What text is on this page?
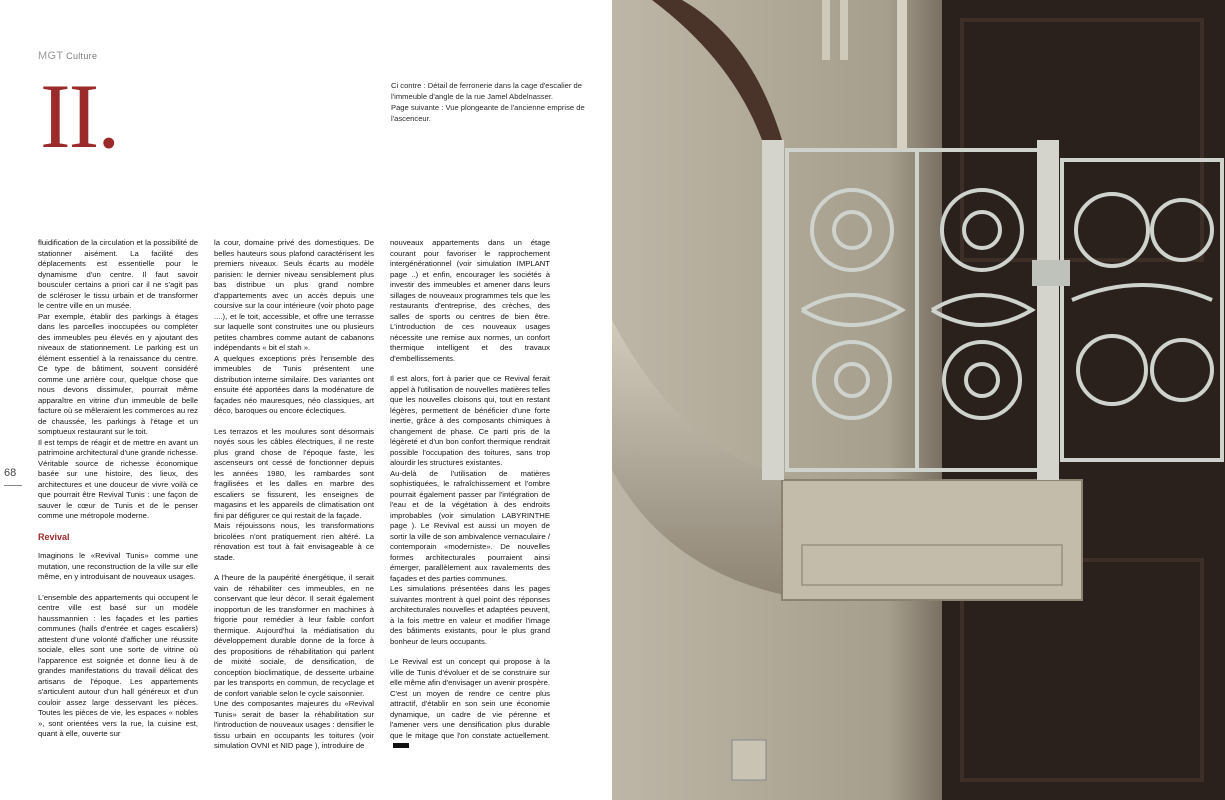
MGT Culture
II.	Ci contre : Détail de ferronerie dans la cage d'escalier de l'immeuble d'angle de la rue Jamel Abdelnasser.

Page suivante : Vue plongeante de l'ancienne emprise de l'ascenceur.

68

fluidification de la circulation et la possibilité de stationner aisément. La facilité des déplacements est essentielle pour le dynamisme d'un centre. Il faut savoir bousculer certains a priori car il ne s'agit pas de scléroser le tissu urbain et de transformer le centre ville en un musée.

Par exemple, établir des parkings à étages dans les parcelles inoccupées ou compléter des immeubles peu élevés en y ajoutant des niveaux de stationnement. Le parking est un élément essentiel à la renaissance du centre. Ce type de bâtiment, souvent considéré comme une arrière cour, quelque chose que nous devons dissimuler, pourrait même apparaître en vitrine d'un immeuble de belle facture où se mêleraient les commerces au rez de chaussée, les parkings à l'étage et un somptueux restaurant sur le toit.

Il est temps de réagir et de mettre en avant un patrimoine architectural d'une grande richesse. Véritable source de richesse économique basée sur une histoire, des lieux, des architectures et une douceur de vivre voilà ce que pourrait être Revival Tunis : une façon de sauver le cœur de Tunis et de le penser comme une métropole moderne.

Revival

Imaginons le «Revival Tunis» comme une mutation, une reconstruction de la ville sur elle même, en y introduisant de nouveaux usages.

L'ensemble des appartements qui occupent le centre ville est basé sur un modèle haussmannien : les façades et les parties communes (halls d'entrée et cages escaliers) attestent d'une volonté d'afficher une réussite sociale, elles sont une sorte de vitrine où l'apparence est soignée et donne lieu à de grandes manifestations du travail délicat des artisans de l'époque. Les appartements s'articulent autour d'un hall généreux et d'un couloir assez large desservant les pièces. Toutes les pièces de vie, les espaces « nobles », sont orientées vers la rue, la cuisine est, quant à elle, ouverte sur

la cour, domaine privé des domestiques. De belles hauteurs sous plafond caractérisent les premiers niveaux. Seuls écarts au modèle parisien: le dernier niveau sensiblement plus bas distribue un plus grand nombre d'appartements avec un accès depuis une coursive sur la cour intérieure (voir photo page ....), et le toit, accessible, et offre une terrasse sur laquelle sont construites une ou plusieurs petites chambres comme autant de cabanons indépendants « bit el stah ».

A quelques exceptions près l'ensemble des immeubles de Tunis présentent une distribution interne similaire. Des variantes ont ensuite été apportées dans la modénature de façades néo mauresques, néo classiques, art déco, baroques ou encore éclectiques.

Les terrazos et les moulures sont désormais noyés sous les câbles électriques, il ne reste plus grand chose de l'époque faste, les ascenseurs ont cessé de fonctionner depuis les années 1980, les rambardes sont fragilisées et les dalles en marbre des escaliers se fissurent, les enseignes de magasins et les appareils de climatisation ont fini par défigurer ce qui restait de la façade.

Mais réjouissons nous, les transformations bricolées n'ont pratiquement rien altéré. La rénovation est tout à fait envisageable à ce stade.

A l'heure de la paupérité énergétique, il serait vain de réhabiliter ces immeubles, en ne conservant que leur décor. Il serait également inopportun de les transformer en machines à frigorie pour remédier à leur faible confort thermique. Aujourd'hui la médiatisation du développement durable donne de la force à des propositions de réhabilitation qui parlent de mixité sociale, de densification, de conception bioclimatique, de desserte urbaine par les transports en commun, de recyclage et de confort variable selon le cycle saisonnier.

Une des composantes majeures du «Revival Tunis» serait de baser la réhabilitation sur l'introduction de nouveaux usages : densifier le tissu urbain en occupants les toitures (voir simulation OVNI et NID page ), introduire de

nouveaux appartements dans un étage courant pour favoriser le rapprochement intergénérationnel (voir simulation IMPLANT page ..) et enfin, encourager les sociétés à investir des immeubles et amener dans leurs sillages de nouveaux programmes tels que les restaurants d'entreprise, des crèches, des salles de sports ou centres de bien être. L'introduction de ces nouveaux usages nécessite une remise aux normes, un confort thermique intelligent et des travaux d'embellissements.

Il est alors, fort à parier que ce Revival ferait appel à l'utilisation de nouvelles matières telles que les nouvelles cloisons qui, tout en restant légères, permettent de bénéficier d'une forte inertie, grâce à des composants chimiques à changement de phase. Ce parti pris de la légèreté et d'un bon confort thermique rendrait possible l'occupation des toitures, sans trop alourdir les structures existantes.

Au-delà de l'utilisation de matières sophistiquées, le rafraîchissement et l'ombre pourrait également passer par l'intégration de l'eau et de la végétation à des endroits improbables (voir simulation LABYRINTHE page ). Le Revival est aussi un moyen de sortir la ville de son ambivalence vernaculaire / contemporain «moderniste». De nouvelles formes architecturales pourraient ainsi émerger, parallèlement aux ravalements des façades et des parties communes.

Les simulations présentées dans les pages suivantes montrent à quel point des réponses architecturales nouvelles et adaptées peuvent, à la fois mettre en valeur et modifier l'image des bâtiments existants, pour le plus grand bonheur de leurs occupants.

Le Revival est un concept qui propose à la ville de Tunis d'évoluer et de se construire sur elle même afin d'envisager un avenir prospère. C'est un moyen de rendre ce centre plus attractif, d'établir en son sein une économie dynamique, un cadre de vie pérenne et l'amener vers une densification plus durable que le mitage que l'on constate actuellement.
